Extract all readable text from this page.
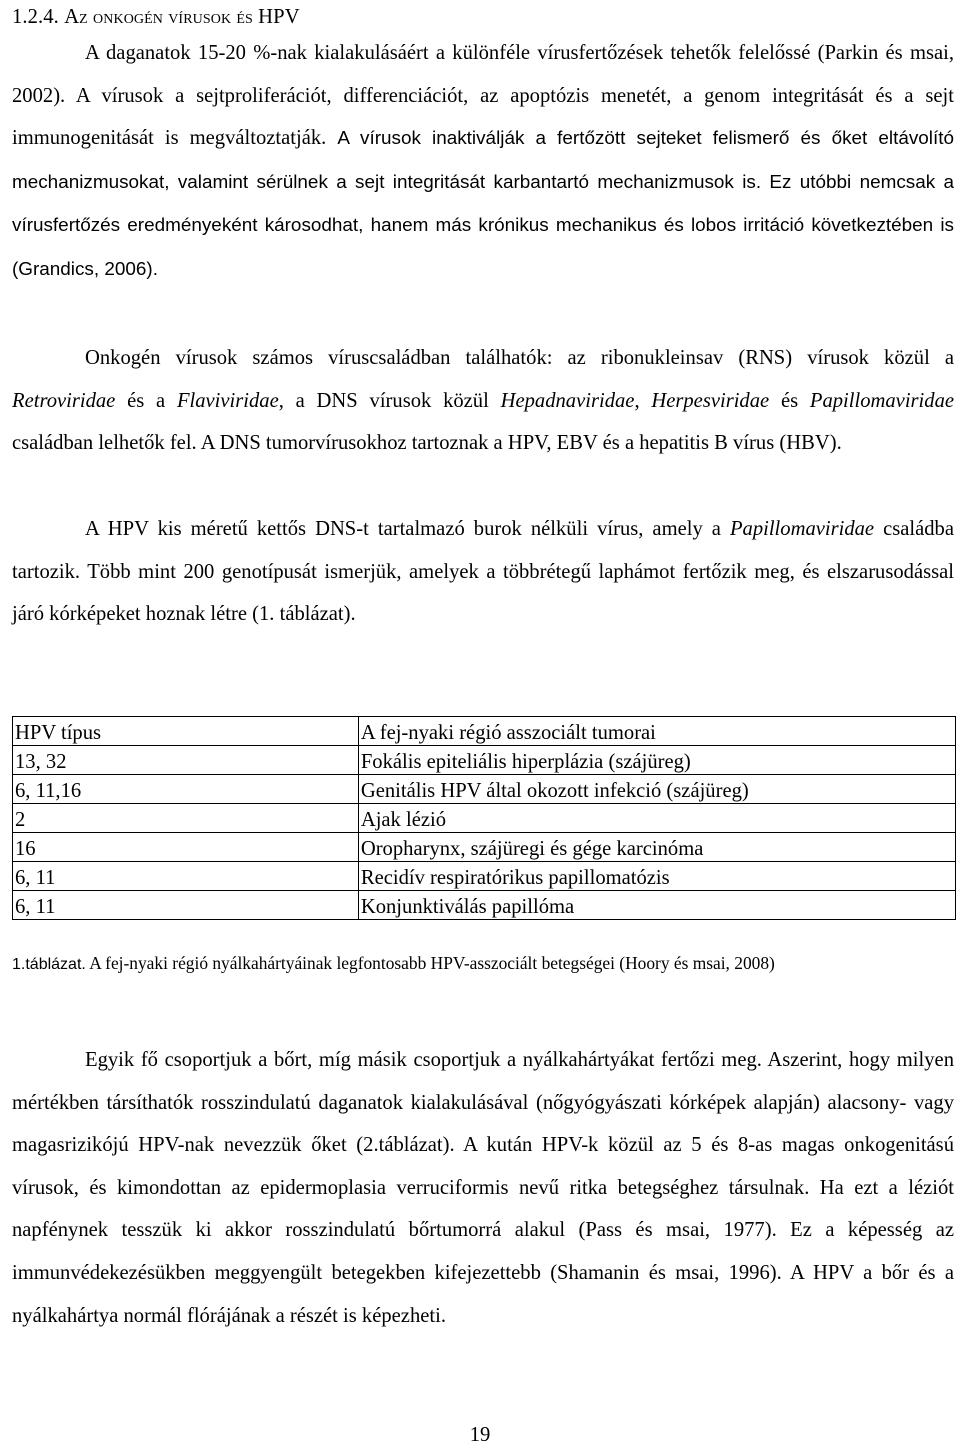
1.2.4. Az onkogén vírusok és HPV

A daganatok 15-20 %-nak kialakulásáért a különféle vírusfertőzések tehetők felelőssé (Parkin és msai, 2002). A vírusok a sejtproliferációt, differenciációt, az apoptózis menetét, a genom integritását és a sejt immunogenitását is megváltoztatják. A vírusok inaktiválják a fertőzött sejteket felismerő és őket eltávolító mechanizmusokat, valamint sérülnek a sejt integritását karbantartó mechanizmusok is. Ez utóbbi nemcsak a vírusfertőzés eredményeként károsodhat, hanem más krónikus mechanikus és lobos irritáció következtében is (Grandics, 2006).

Onkogén vírusok számos víruscsaládban találhatók: az ribonukleinsav (RNS) vírusok közül a Retroviridae és a Flaviviridae, a DNS vírusok közül Hepadnaviridae, Herpesviridae és Papillomaviridae családban lelhetők fel. A DNS tumorvírusokhoz tartoznak a HPV, EBV és a hepatitis B vírus (HBV).

A HPV kis méretű kettős DNS-t tartalmazó burok nélküli vírus, amely a Papillomaviridae családba tartozik. Több mint 200 genotípusát ismerjük, amelyek a többrétegű laphámot fertőzik meg, és elszarusodással járó kórképeket hoznak létre (1. táblázat).

HPV típus	A fej-nyaki régió asszociált tumorai
13, 32	Fokális epiteliális hiperplázia (szájüreg)
6, 11,16	Genitális HPV által okozott infekció (szájüreg)
2	Ajak lézió
16	Oropharynx, szájüregi és gége karcinóma
6, 11	Recidív respiratórikus papillomatózis
6, 11	Konjunktiválás papillóma
1.táblázat. A fej-nyaki régió nyálkahártyáinak legfontosabb HPV-asszociált betegségei (Hoory és msai, 2008)

Egyik fő csoportjuk a bőrt, míg másik csoportjuk a nyálkahártyákat fertőzi meg. Aszerint, hogy milyen mértékben társíthatók rosszindulatú daganatok kialakulásával (nőgyógyászati kórképek alapján) alacsony- vagy magasrizikójú HPV-nak nevezzük őket (2.táblázat). A kután HPV-k közül az 5 és 8-as magas onkogenitású vírusok, és kimondottan az epidermoplasia verruciformis nevű ritka betegséghez társulnak. Ha ezt a léziót napfénynek tesszük ki akkor rosszindulatú bőrtumorrá alakul (Pass és msai, 1977). Ez a képesség az immunvédekezésükben meggyengült betegekben kifejezettebb (Shamanin és msai, 1996). A HPV a bőr és a nyálkahártya normál flórájának a részét is képezheti.

19
